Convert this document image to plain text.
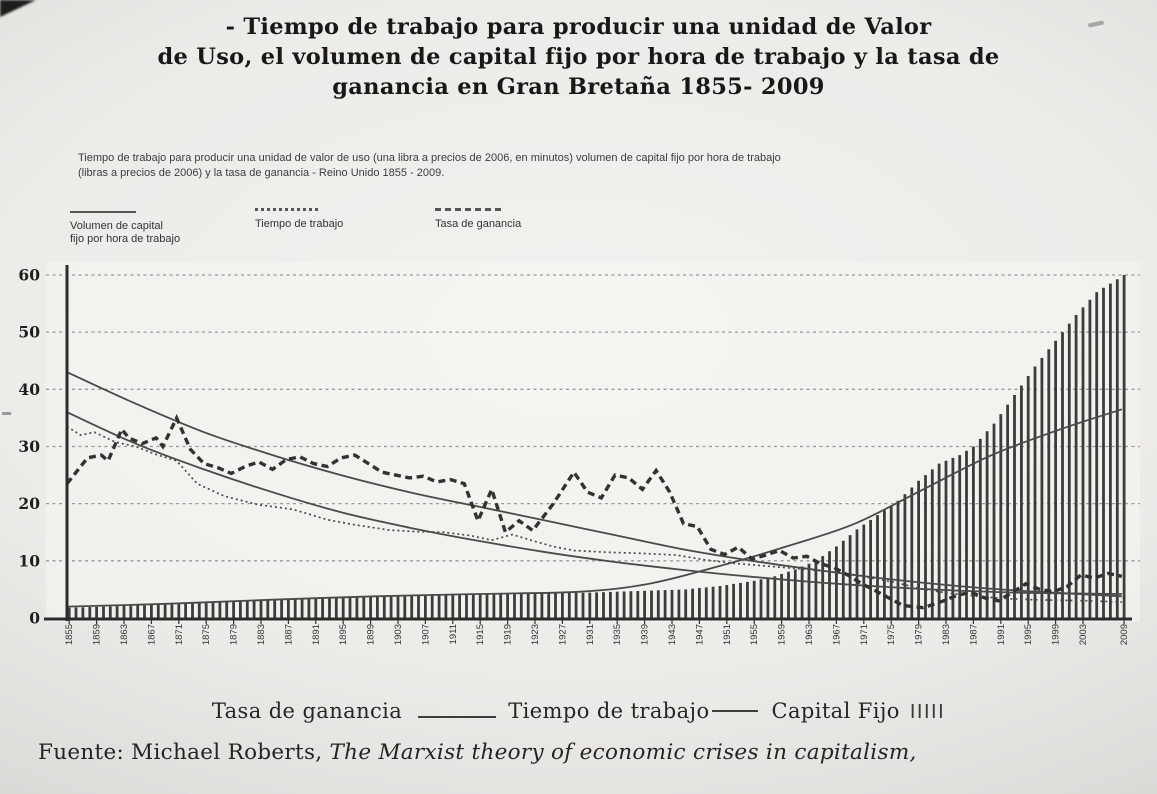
- Tiempo de trabajo para producir una unidad de Valor
de Uso, el volumen de capital fijo por hora de trabajo y la tasa de
ganancia en Gran Bretaña 1855- 2009
Tiempo de trabajo para producir una unidad de valor de uso (una libra a precios de 2006, en minutos) volumen de capital fijo por hora de trabajo
(libras a precios de 2006) y la tasa de ganancia - Reino Unido 1855 - 2009.
Volumen de capital
fijo por hora de trabajo
Tiempo de trabajo	Tasa de ganancia
0
10
20
30
40
50
60
1855 1859 1863 1867 1871 1875 1879 1883 1887 1891 1895 1899 1903 1907 1911 1915 1919 1923 1927 1931 1935 1939 1943 1947 1951 1955 1959 1963 1967 1971 1975 1979 1983 1987 1991 1995 1999 2003	2009
Tasa de ganancia	Tiempo de trabajo	Capital Fijo IIIII
Fuente: Michael Roberts, The Marxist theory of economic crises in capitalism,
